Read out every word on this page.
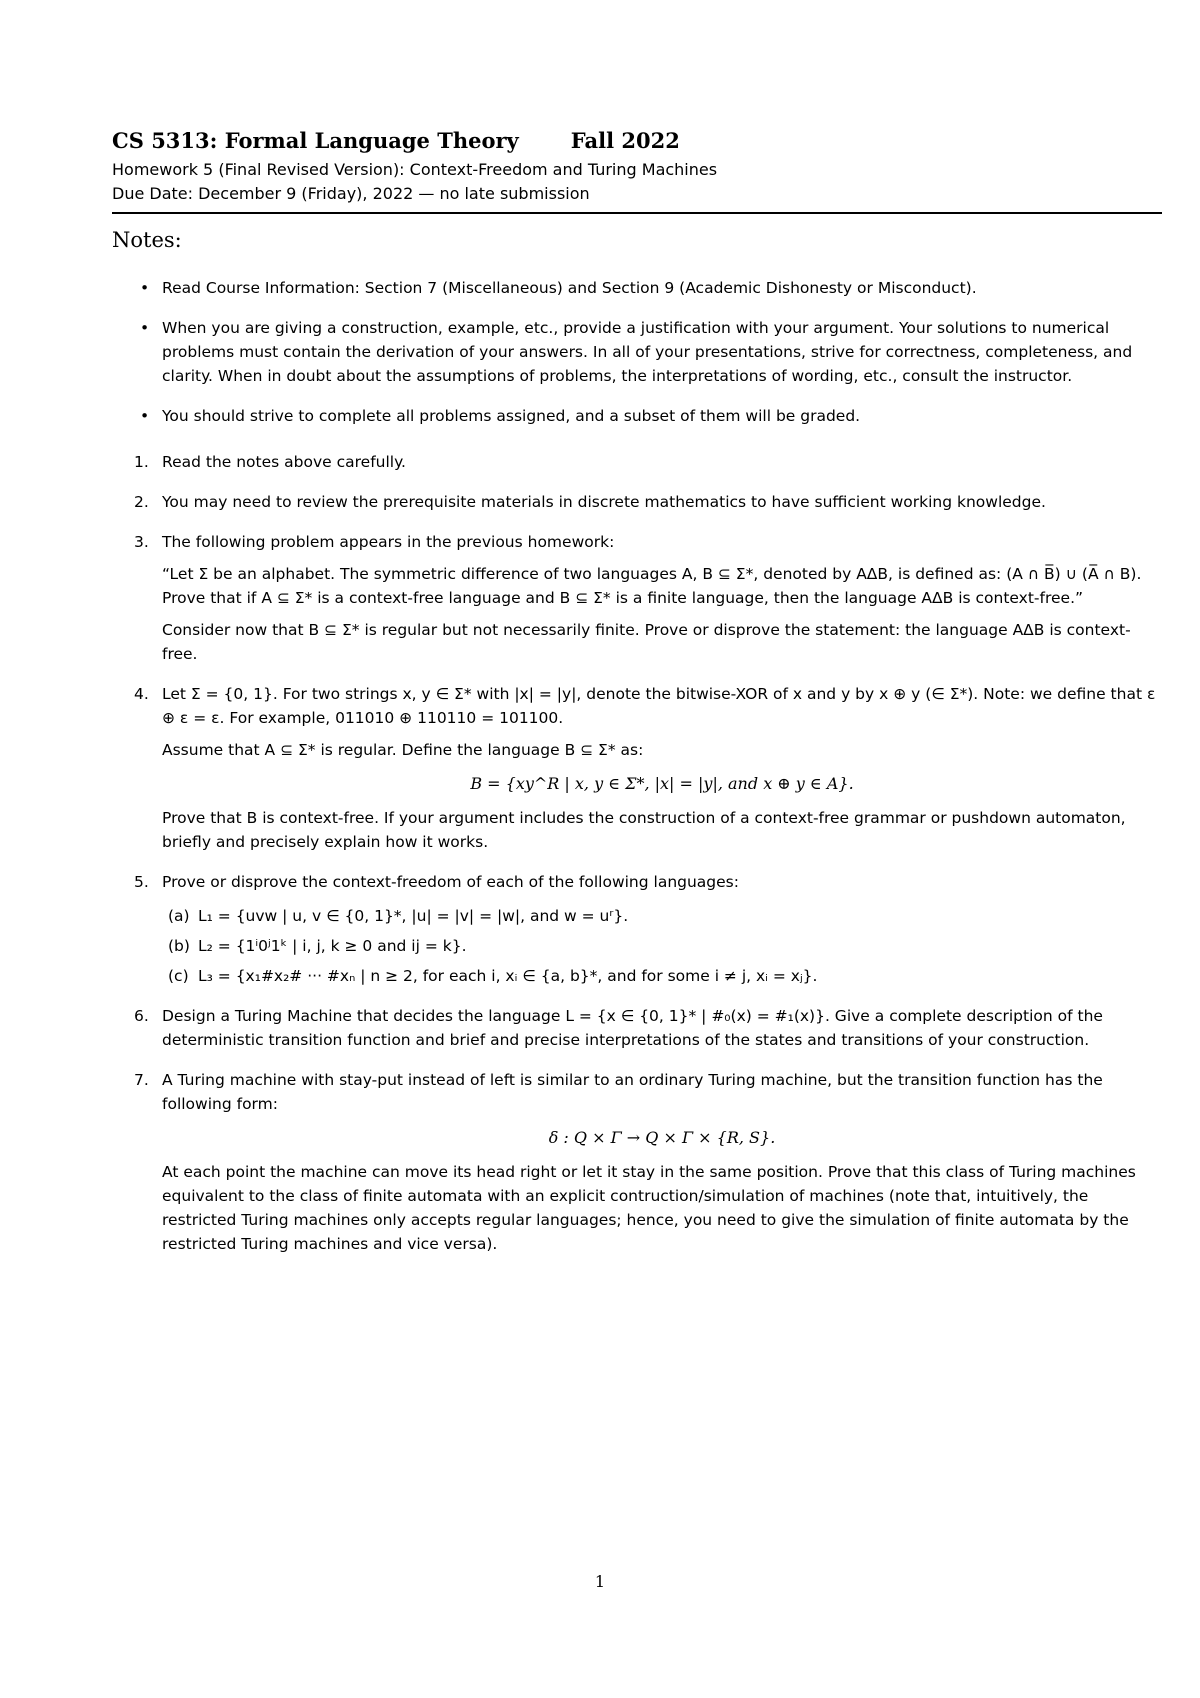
CS 5313: Formal Language Theory Fall 2022
Homework 5 (Final Revised Version): Context-Freedom and Turing Machines
Due Date: December 9 (Friday), 2022 — no late submission
Notes:
• Read Course Information: Section 7 (Miscellaneous) and Section 9 (Academic Dishonesty or Misconduct).
• When you are giving a construction, example, etc., provide a justification with your argument. Your solutions to numerical problems must contain the derivation of your answers. In all of your presentations, strive for correctness, completeness, and clarity. When in doubt about the assumptions of problems, the interpretations of wording, etc., consult the instructor.
• You should strive to complete all problems assigned, and a subset of them will be graded.
1. Read the notes above carefully.
2. You may need to review the prerequisite materials in discrete mathematics to have sufficient working knowledge.
3. The following problem appears in the previous homework:
“Let Σ be an alphabet. The symmetric difference of two languages A, B ⊆ Σ*, denoted by AΔB, is defined as: (A ∩ B̅) ∪ (A̅ ∩ B). Prove that if A ⊆ Σ* is a context-free language and B ⊆ Σ* is a finite language, then the language AΔB is context-free.”
Consider now that B ⊆ Σ* is regular but not necessarily finite. Prove or disprove the statement: the language AΔB is context-free.
4. Let Σ = {0, 1}. For two strings x, y ∈ Σ* with |x| = |y|, denote the bitwise-XOR of x and y by x ⊕ y (∈ Σ*). Note: we define that ε ⊕ ε = ε. For example, 011010 ⊕ 110110 = 101100.
Assume that A ⊆ Σ* is regular. Define the language B ⊆ Σ* as:
B = {xy^R | x, y ∈ Σ*, |x| = |y|, and x ⊕ y ∈ A}.
Prove that B is context-free. If your argument includes the construction of a context-free grammar or pushdown automaton, briefly and precisely explain how it works.
5. Prove or disprove the context-freedom of each of the following languages:
(a) L₁ = {uvw | u, v ∈ {0, 1}*, |u| = |v| = |w|, and w = uʳ}.
(b) L₂ = {1ⁱ0ʲ1ᵏ | i, j, k ≥ 0 and ij = k}.
(c) L₃ = {x₁#x₂# ··· #xₙ | n ≥ 2, for each i, xᵢ ∈ {a, b}*, and for some i ≠ j, xᵢ = xⱼ}.
6. Design a Turing Machine that decides the language L = {x ∈ {0, 1}* | #₀(x) = #₁(x)}. Give a complete description of the deterministic transition function and brief and precise interpretations of the states and transitions of your construction.
7. A Turing machine with stay-put instead of left is similar to an ordinary Turing machine, but the transition function has the following form:
δ : Q × Γ → Q × Γ × {R, S}.
At each point the machine can move its head right or let it stay in the same position. Prove that this class of Turing machines equivalent to the class of finite automata with an explicit contruction/simulation of machines (note that, intuitively, the restricted Turing machines only accepts regular languages; hence, you need to give the simulation of finite automata by the restricted Turing machines and vice versa).
1
